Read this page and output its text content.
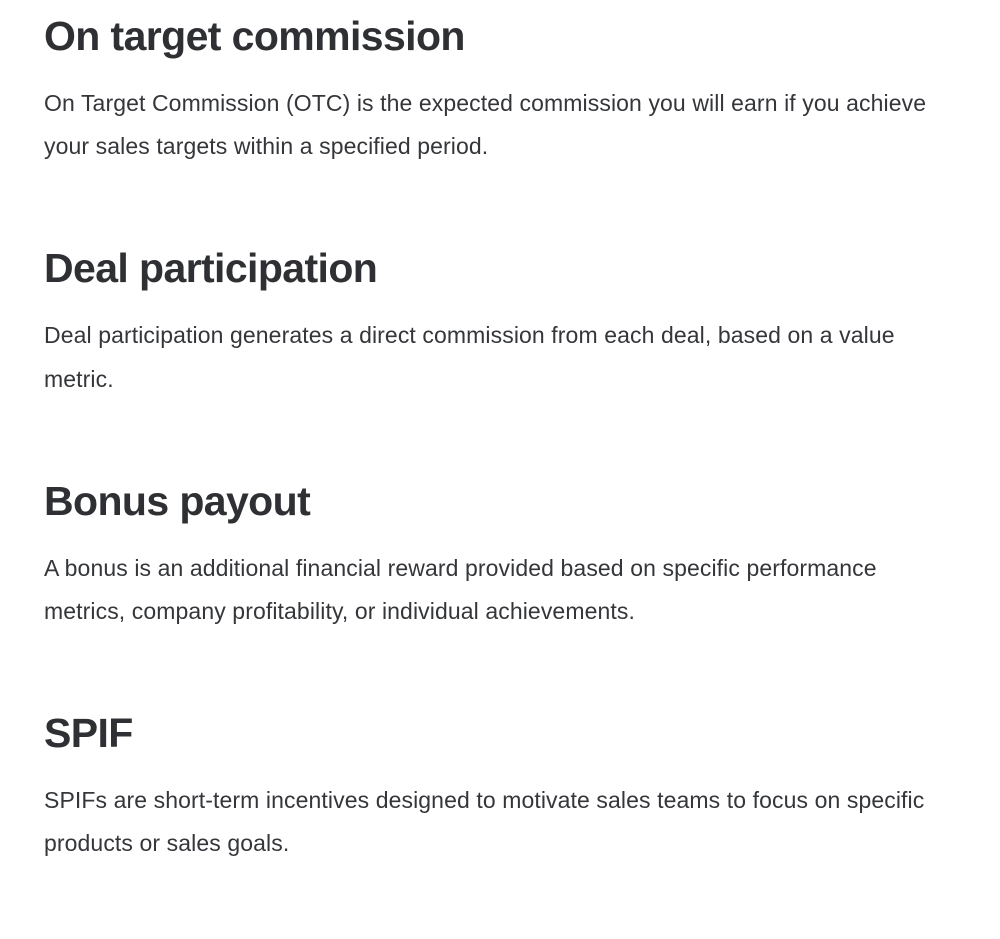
On target commission

On Target Commission (OTC) is the expected commission you will earn if you achieve your sales targets within a specified period.

Deal participation

Deal participation generates a direct commission from each deal, based on a value metric.

Bonus payout

A bonus is an additional financial reward provided based on specific performance metrics, company profitability, or individual achievements.

SPIF

SPIFs are short-term incentives designed to motivate sales teams to focus on specific products or sales goals.
